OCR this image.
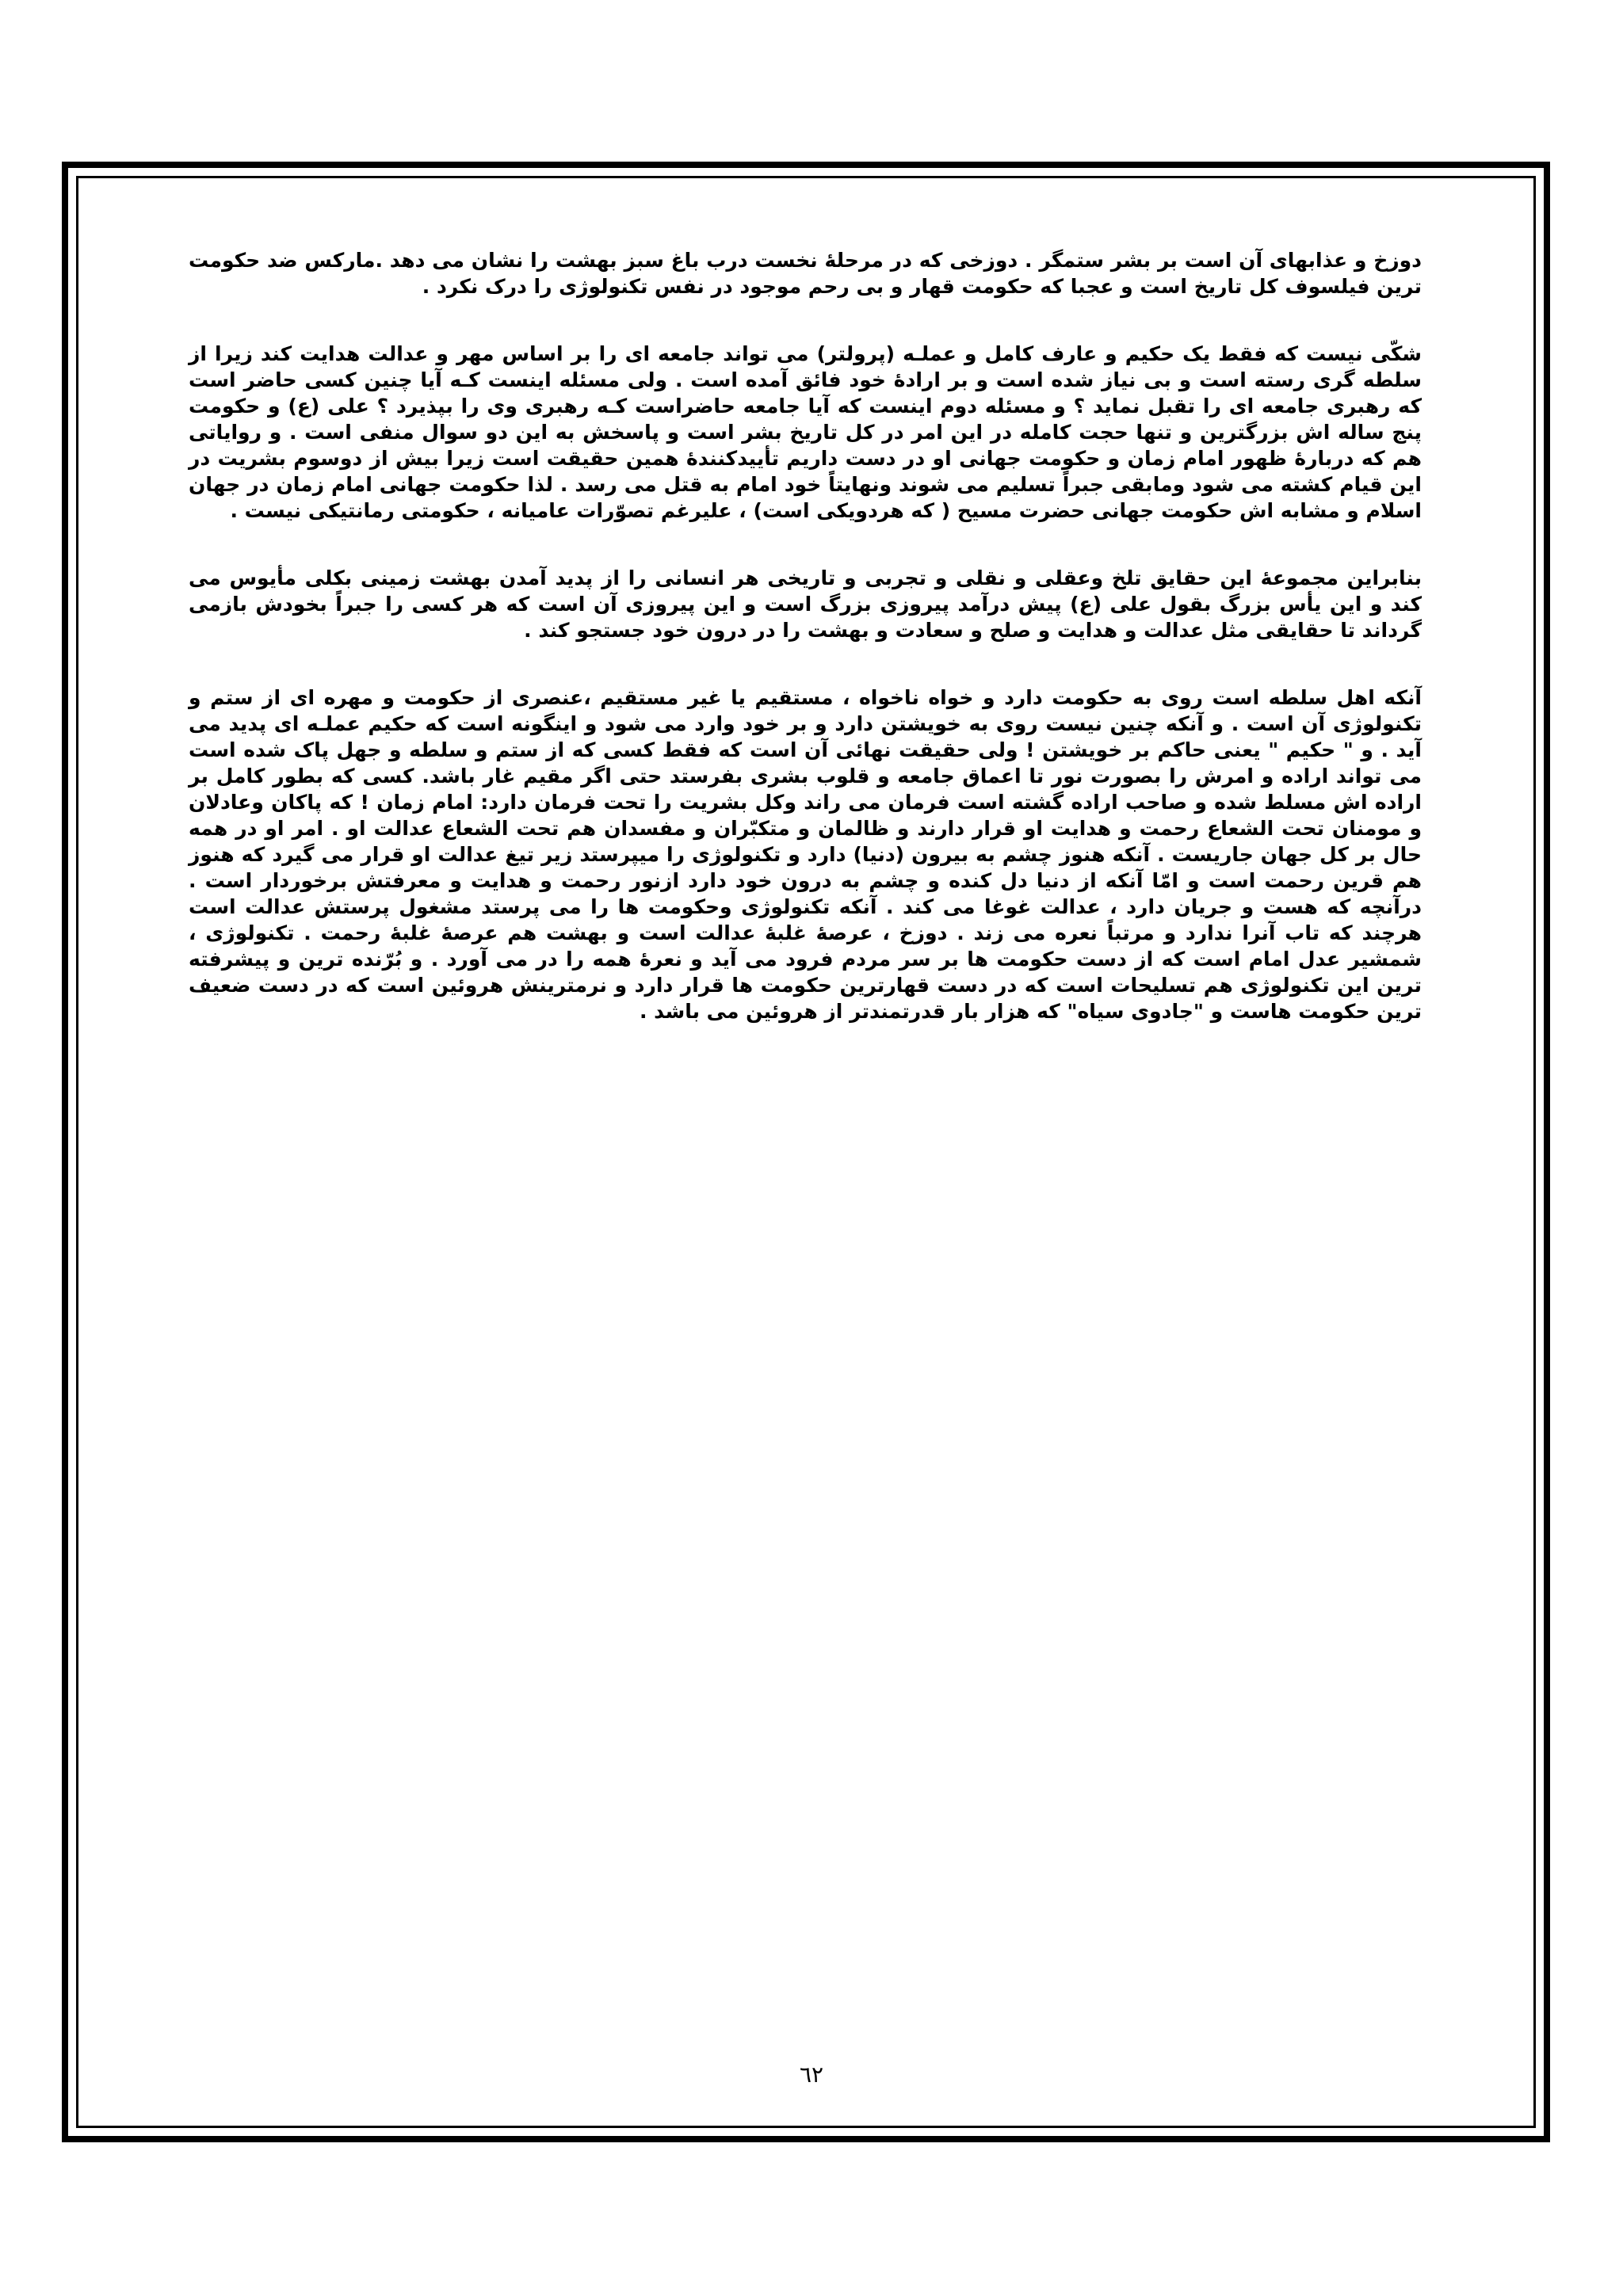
دوزخ و عذابهای آن است بر بشر ستمگر . دوزخی که در مرحلهٔ نخست درب باغ سبز بهشت را نشان می دهد .مارکس ضد حکومت ترین فیلسوف کل تاریخ است و عجبا که حکومت قهار و بی رحم موجود در نفس تکنولوژی را درک نکرد .

شکّی نیست که فقط یک حکیم و عارف کامل و عملـه (پرولتر) می تواند جامعه ای را بر اساس مهر و عدالت هدایت کند زیرا از سلطه گری رسته است و بی نیاز شده است و بر ارادهٔ خود فائق آمده است . ولی مسئله اینست کـه آیا چنین کسی حاضر است که رهبری جامعه ای را تقبل نماید ؟ و مسئله دوم اینست که آیا جامعه حاضراست کـه رهبری وی را بپذیرد ؟ علی (ع) و حکومت پنج ساله اش بزرگترین و تنها حجت کامله در این امر در کل تاریخ بشر است و پاسخش به این دو سوال منفی است . و روایاتی هم که دربارهٔ ظهور امام زمان و حکومت جهانی او در دست داریم تأییدکنندهٔ همین حقیقت است زیرا بیش از دوسوم بشریت در این قیام کشته می شود ومابقی جبراً تسلیم می شوند ونهایتاً خود امام به قتل می رسد . لذا حکومت جهانی امام زمان در جهان اسلام و مشابه اش حکومت جهانی حضرت مسیح ( که هردویکی است) ، علیرغم تصوّرات عامیانه ، حکومتی رمانتیکی نیست .

بنابراین مجموعهٔ این حقایق تلخ وعقلی و نقلی و تجربی و تاریخی هر انسانی را از پدید آمدن بهشت زمینی بکلی مأیوس می کند و این یأس بزرگ بقول علی (ع) پیش درآمد پیروزی بزرگ است و این پیروزی آن است که هر کسی را جبراً بخودش بازمی گرداند تا حقایقی مثل عدالت و هدایت و صلح و سعادت و بهشت را در درون خود جستجو کند .

آنکه اهل سلطه است روی به حکومت دارد و خواه ناخواه ، مستقیم یا غیر مستقیم ،عنصری از حکومت و مهره ای از ستم و تکنولوژی آن است . و آنکه چنین نیست روی به خویشتن دارد و بر خود وارد می شود و اینگونه است که حکیم عملـه ای پدید می آید . و " حکیم " یعنی حاکم بر خویشتن ! ولی حقیقت نهائی آن است که فقط کسی که از ستم و سلطه و جهل پاک شده است می تواند اراده و امرش را بصورت نور تا اعماق جامعه و قلوب بشری بفرستد حتی اگر مقیم غار باشد. کسی که بطور کامل بر اراده اش مسلط شده و صاحب اراده گشته است فرمان می راند وکل بشریت را تحت فرمان دارد: امام زمان ! که پاکان وعادلان و مومنان تحت الشعاع رحمت و هدایت او قرار دارند و ظالمان و متکبّران و مفسدان هم تحت الشعاع عدالت او . امر او در همه حال بر کل جهان جاریست . آنکه هنوز چشم به بیرون (دنیا) دارد و تکنولوژی را میپرستد زیر تیغ عدالت او قرار می گیرد که هنوز هم قرین رحمت است و امّا آنکه از دنیا دل کنده و چشم به درون خود دارد ازنور رحمت و هدایت و معرفتش برخوردار است . درآنچه که هست و جریان دارد ، عدالت غوغا می کند . آنکه تکنولوژی وحکومت ها را می پرستد مشغول پرستش عدالت است هرچند که تاب آنرا ندارد و مرتباً نعره می زند . دوزخ ، عرصهٔ غلبهٔ عدالت است و بهشت هم عرصهٔ غلبهٔ رحمت . تکنولوژی ، شمشیر عدل امام است که از دست حکومت ها بر سر مردم فرود می آید و نعرهٔ همه را در می آورد . و بُرّنده ترین و پیشرفته ترین این تکنولوژی هم تسلیحات است که در دست قهارترین حکومت ها قرار دارد و نرمترینش هروئین است که در دست ضعیف ترین حکومت هاست و "جادوی سیاه" که هزار بار قدرتمندتر از هروئین می باشد .

٦٢
